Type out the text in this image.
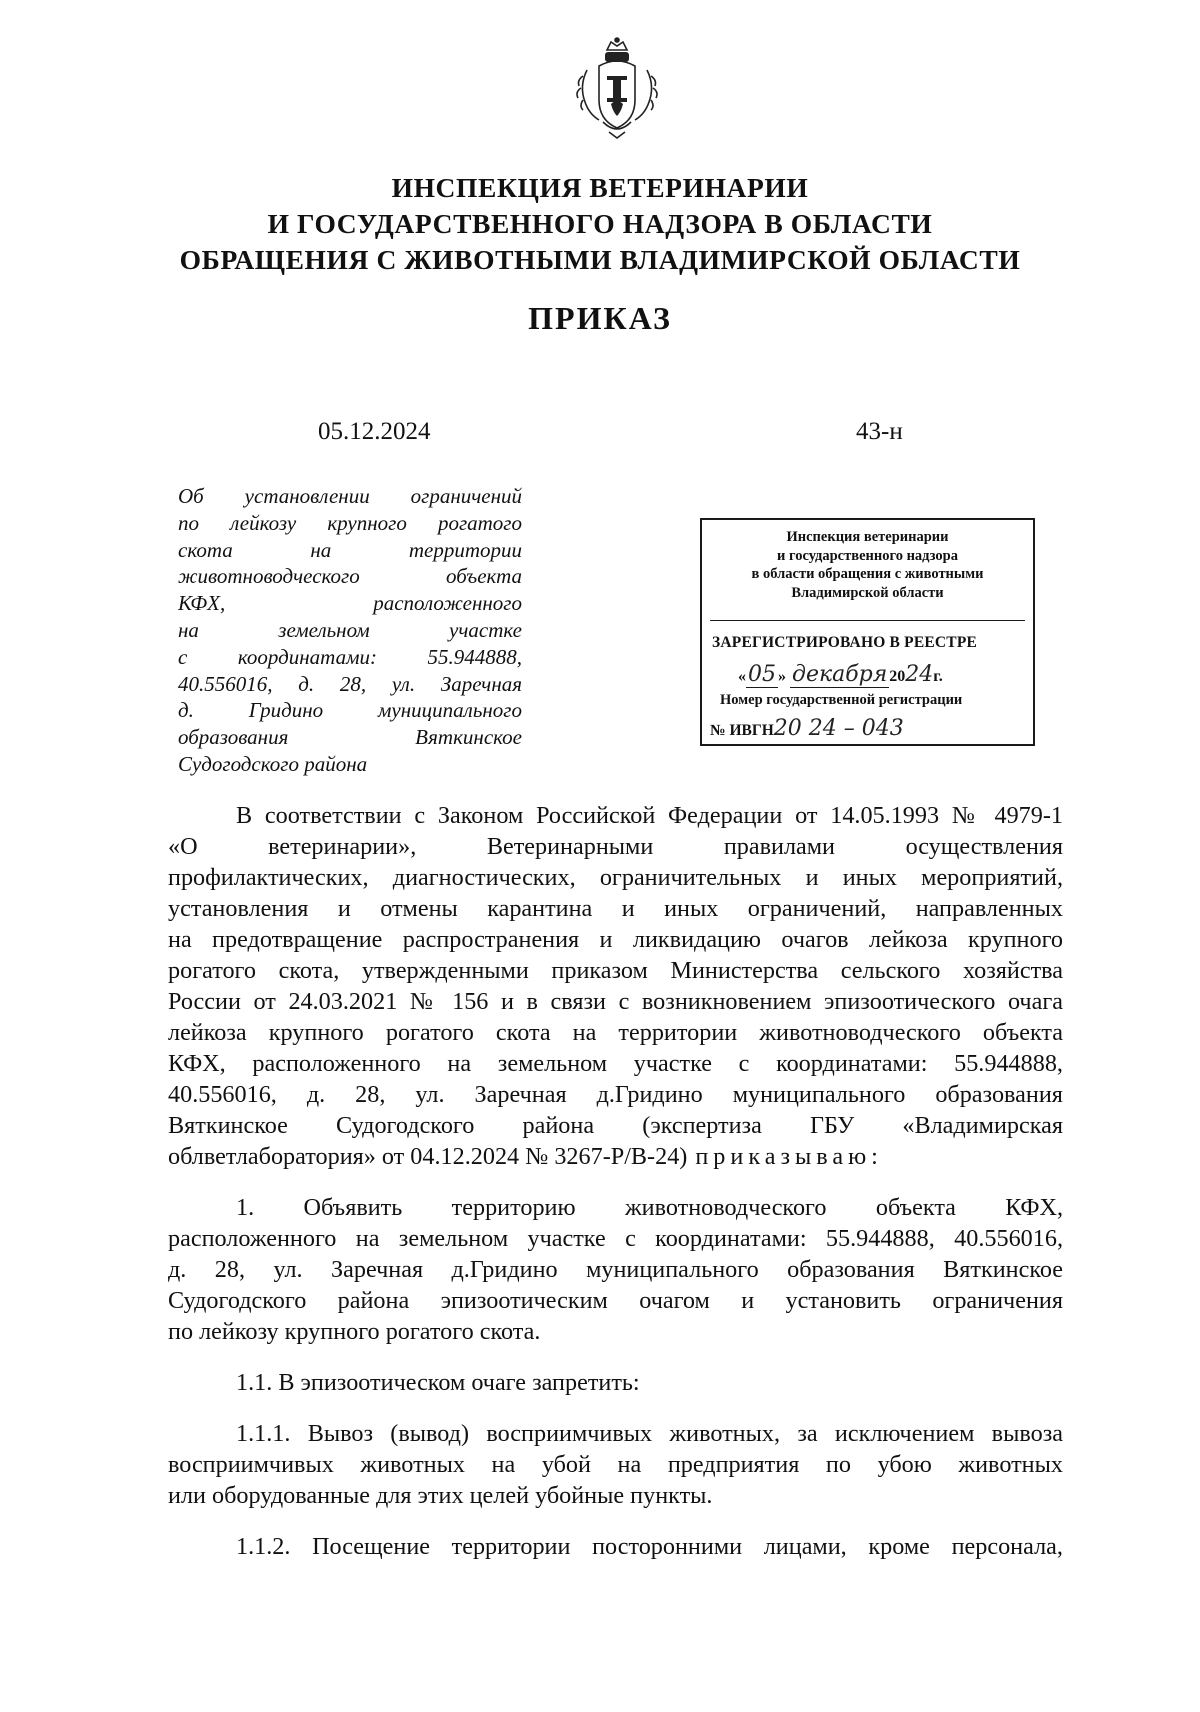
ИНСПЕКЦИЯ ВЕТЕРИНАРИИ
И ГОСУДАРСТВЕННОГО НАДЗОРА В ОБЛАСТИ
ОБРАЩЕНИЯ С ЖИВОТНЫМИ ВЛАДИМИРСКОЙ ОБЛАСТИ
ПРИКАЗ
05.12.2024	43-н
Об установлении ограничений
по лейкозу крупного рогатого
скота	на	территории
животноводческого	объекта
КФХ,	расположенного
на	земельном	участке
с координатами: 55.944888,
40.556016, д. 28, ул. Заречная
д.	Гридино	муниципального
образования	Вяткинское
Судогодского района
Инспекция ветеринарии
и государственного надзора
в области обращения с животными
Владимирской области
ЗАРЕГИСТРИРОВАНО В РЕЕСТРЕ
«05 » декабря 2024г.
Номер государственной регистрации
№ ИВГН20 24 – 043
В соответствии с Законом Российской Федерации от 14.05.1993 № 4979-1
«О	ветеринарии»,	Ветеринарными	правилами	осуществления
профилактических, диагностических, ограничительных и иных мероприятий,
установления и отмены карантина и иных ограничений, направленных
на предотвращение распространения и ликвидацию очагов лейкоза крупного
рогатого скота, утвержденными приказом Министерства сельского хозяйства
России от 24.03.2021 № 156 и в связи с возникновением эпизоотического очага
лейкоза крупного рогатого скота на территории животноводческого объекта
КФХ, расположенного на земельном участке с координатами: 55.944888,
40.556016, д. 28, ул. Заречная д.Гридино муниципального образования
Вяткинское Судогодского района (экспертиза ГБУ «Владимирская
облветлаборатория» от 04.12.2024 № 3267-Р/В-24) приказываю:
1. Объявить территорию животноводческого объекта КФХ,
расположенного на земельном участке с координатами: 55.944888, 40.556016,
д. 28, ул. Заречная д.Гридино муниципального образования Вяткинское
Судогодского района эпизоотическим очагом и установить ограничения
по лейкозу крупного рогатого скота.
1.1. В эпизоотическом очаге запретить:
1.1.1. Вывоз (вывод) восприимчивых животных, за исключением вывоза
восприимчивых животных на убой на предприятия по убою животных
или оборудованные для этих целей убойные пункты.
1.1.2. Посещение территории посторонними лицами, кроме персонала,
